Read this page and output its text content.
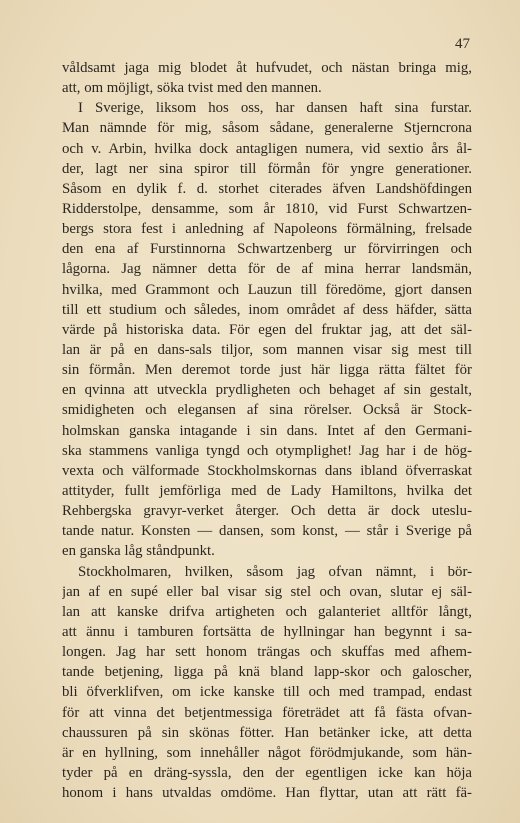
47
våldsamt jaga mig blodet åt hufvudet, och nästan bringa mig,
att, om möjligt, söka tvist med den mannen.
I Sverige, liksom hos oss, har dansen haft sina furstar.
Man nämnde för mig, såsom sådane, generalerne Stjerncrona
och v. Arbin, hvilka dock antagligen numera, vid sextio års ål-
der, lagt ner sina spiror till förmån för yngre generationer.
Såsom en dylik f. d. storhet citerades äfven Landshöfdingen
Ridderstolpe, densamme, som år 1810, vid Furst Schwartzen-
bergs stora fest i anledning af Napoleons förmälning, frelsade
den ena af Furstinnorna Schwartzenberg ur förvirringen och
lågorna. Jag nämner detta för de af mina herrar landsmän,
hvilka, med Grammont och Lauzun till föredöme, gjort dansen
till ett studium och således, inom området af dess häfder, sätta
värde på historiska data. För egen del fruktar jag, att det säl-
lan är på en dans-sals tiljor, som mannen visar sig mest till
sin förmån. Men deremot torde just här ligga rätta fältet för
en qvinna att utveckla prydligheten och behaget af sin gestalt,
smidigheten och elegansen af sina rörelser. Också är Stock-
holmskan ganska intagande i sin dans. Intet af den Germani-
ska stammens vanliga tyngd och otymplighet! Jag har i de hög-
vexta och välformade Stockholmskornas dans ibland öfverraskat
attityder, fullt jemförliga med de Lady Hamiltons, hvilka det
Rehbergska gravyr-verket återger. Och detta är dock uteslu-
tande natur. Konsten — dansen, som konst, — står i Sverige på
en ganska låg ståndpunkt.
Stockholmaren, hvilken, såsom jag ofvan nämnt, i bör-
jan af en supé eller bal visar sig stel och ovan, slutar ej säl-
lan att kanske drifva artigheten och galanteriet alltför långt,
att ännu i tamburen fortsätta de hyllningar han begynnt i sa-
longen. Jag har sett honom trängas och skuffas med afhem-
tande betjening, ligga på knä bland lapp-skor och galoscher,
bli öfverklifven, om icke kanske till och med trampad, endast
för att vinna det betjentmessiga företrädet att få fästa ofvan-
chaussuren på sin skönas fötter. Han betänker icke, att detta
är en hyllning, som innehåller något förödmjukande, som hän-
tyder på en dräng-syssla, den der egentligen icke kan höja
honom i hans utvaldas omdöme. Han flyttar, utan att rätt fä-
